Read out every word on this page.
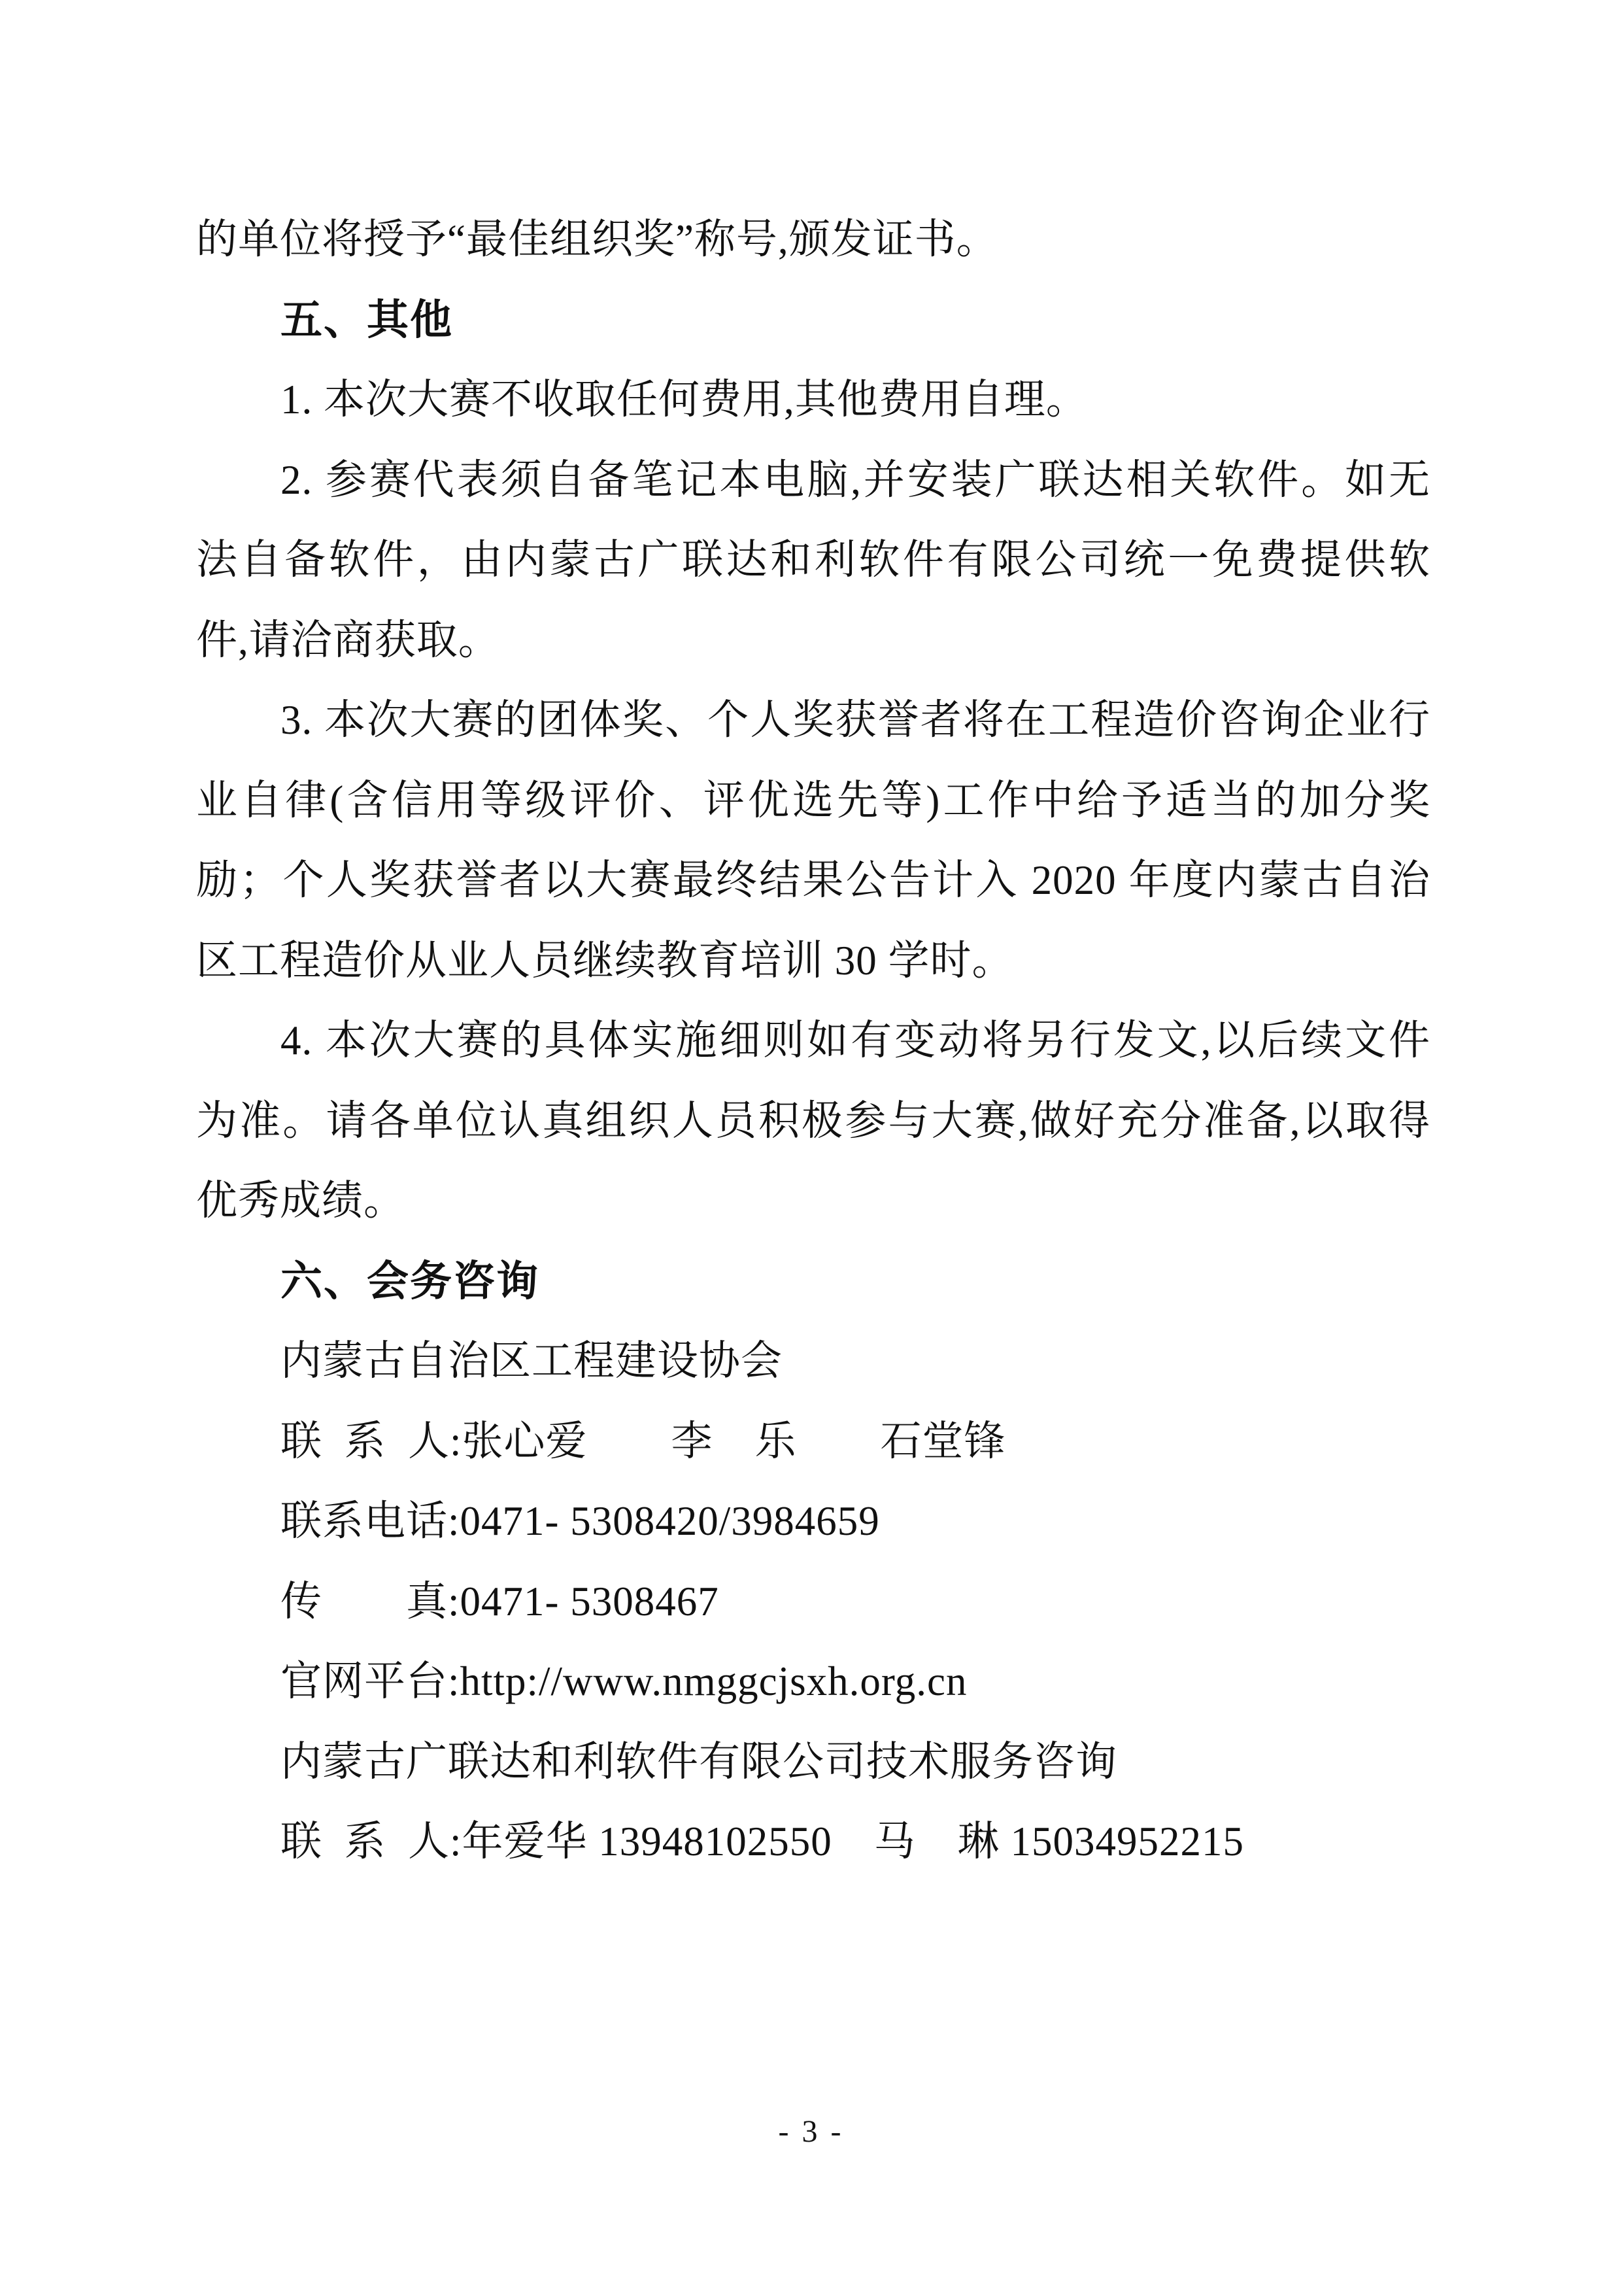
的单位将授予“最佳组织奖”称号,颁发证书。
五、其他
1. 本次大赛不收取任何费用,其他费用自理。
2. 参赛代表须自备笔记本电脑,并安装广联达相关软件。如无
法自备软件，由内蒙古广联达和利软件有限公司统一免费提供软
件,请洽商获取。
3. 本次大赛的团体奖、个人奖获誉者将在工程造价咨询企业行
业自律(含信用等级评价、评优选先等)工作中给予适当的加分奖
励；个人奖获誉者以大赛最终结果公告计入 2020 年度内蒙古自治
区工程造价从业人员继续教育培训 30 学时。
4. 本次大赛的具体实施细则如有变动将另行发文,以后续文件
为准。请各单位认真组织人员积极参与大赛,做好充分准备,以取得
优秀成绩。
六、会务咨询
内蒙古自治区工程建设协会
联  系  人:张心爱　　李　乐　　石堂锋
联系电话:0471- 5308420/3984659
传　　真:0471- 5308467
官网平台:http://www.nmggcjsxh.org.cn
内蒙古广联达和利软件有限公司技术服务咨询
联  系  人:年爱华 13948102550　马　琳 15034952215
- 3 -
